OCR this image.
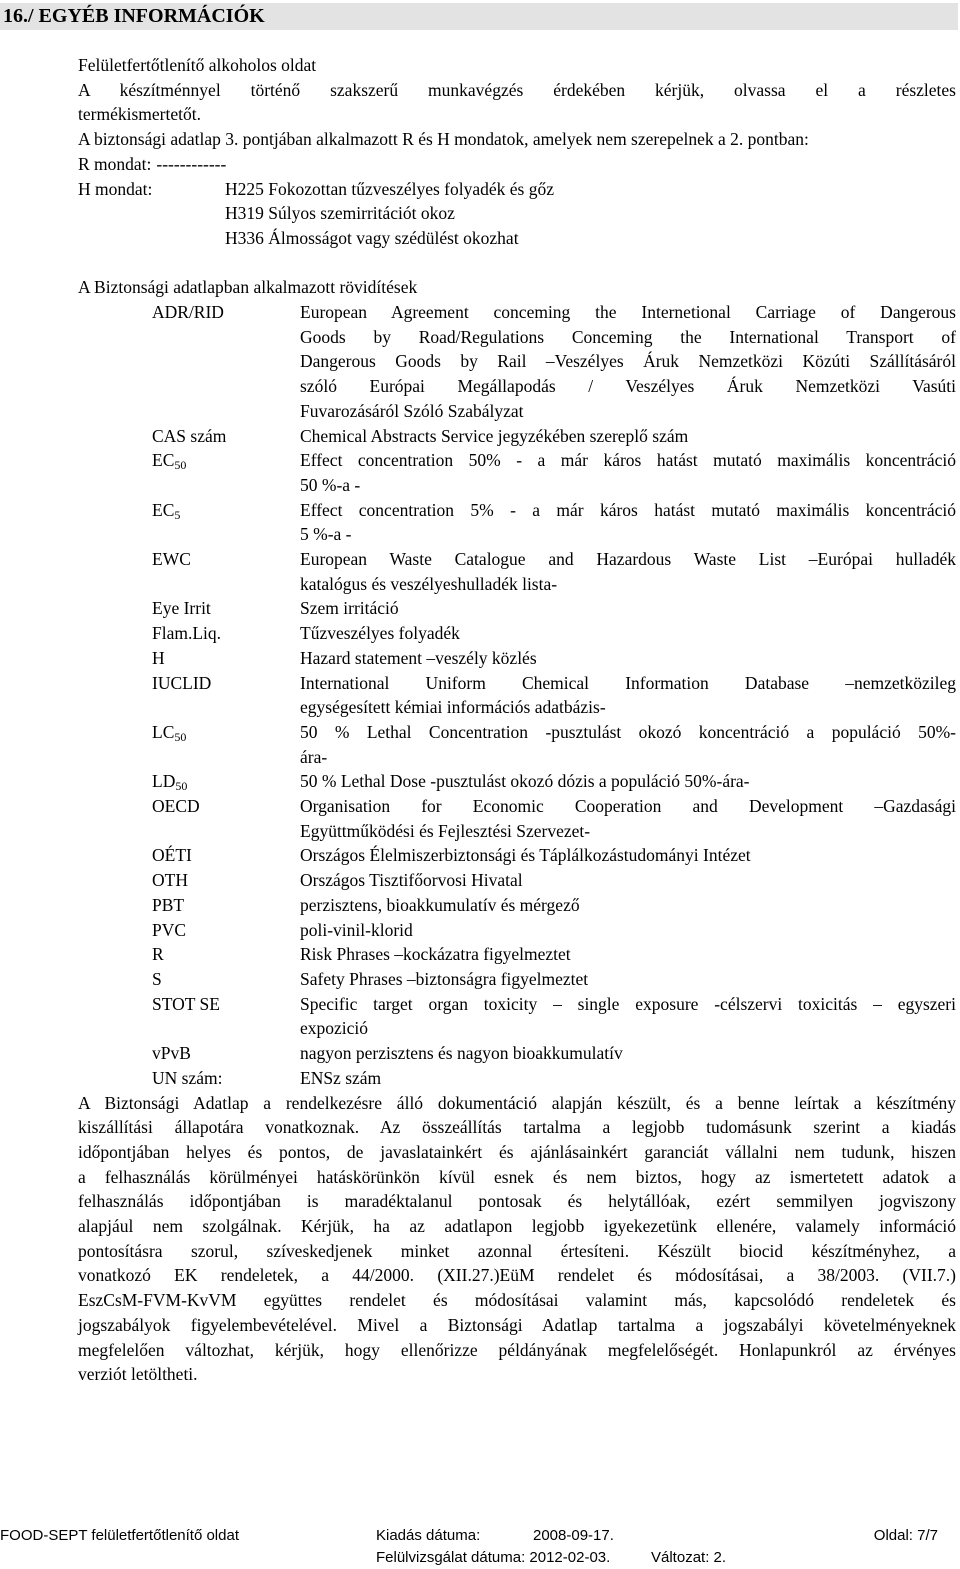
16./ EGYÉB INFORMÁCIÓK
Felületfertőtlenítő alkoholos oldat
A készítménnyel történő szakszerű munkavégzés érdekében kérjük, olvassa el a részletes
termékismertetőt.
A biztonsági adatlap 3. pontjában alkalmazott R és H mondatok, amelyek nem szerepelnek a 2. pontban:
R mondat: ------------
H mondat:	H225 Fokozottan tűzveszélyes folyadék és gőz
H319 Súlyos szemirritációt okoz
H336 Álmosságot vagy szédülést okozhat
A Biztonsági adatlapban alkalmazott rövidítések
ADR/RID	European Agreement conceming the Internetional Carriage of Dangerous
Goods by Road/Regulations Conceming the International Transport of
Dangerous Goods by Rail –Veszélyes Áruk Nemzetközi Közúti Szállításáról
szóló Európai Megállapodás / Veszélyes Áruk Nemzetközi Vasúti
Fuvarozásáról Szóló Szabályzat
CAS szám	Chemical Abstracts Service jegyzékében szereplő szám
$EC_{50}$	Effect concentration 50% - a már káros hatást mutató maximális koncentráció
50 %-a -
$EC_5$	Effect concentration 5% - a már káros hatást mutató maximális koncentráció
5 %-a -
EWC	European Waste Catalogue and Hazardous Waste List –Európai hulladék
katalógus és veszélyeshulladék lista-
Eye Irrit	Szem irritáció
Flam.Liq.	Tűzveszélyes folyadék
H	Hazard statement –veszély közlés
IUCLID	International Uniform Chemical Information Database –nemzetközileg
egységesített kémiai információs adatbázis-
$LC_{50}$	50 % Lethal Concentration -pusztulást okozó koncentráció a populáció 50%-
ára-
$LD_{50}$	50 % Lethal Dose -pusztulást okozó dózis a populáció 50%-ára-
OECD	Organisation for Economic Cooperation and Development –Gazdasági
Együttműködési és Fejlesztési Szervezet-
OÉTI	Országos Élelmiszerbiztonsági és Táplálkozástudományi Intézet
OTH	Országos Tisztifőorvosi Hivatal
PBT	perzisztens, bioakkumulatív és mérgező
PVC	poli-vinil-klorid
R	Risk Phrases –kockázatra figyelmeztet
S	Safety Phrases –biztonságra figyelmeztet
STOT SE	Specific target organ toxicity – single exposure -célszervi toxicitás – egyszeri
expozició
vPvB	nagyon perzisztens és nagyon bioakkumulatív
UN szám:	ENSz szám
A Biztonsági Adatlap a rendelkezésre álló dokumentáció alapján készült, és a benne leírtak a készítmény
kiszállítási állapotára vonatkoznak. Az összeállítás tartalma a legjobb tudomásunk szerint a kiadás
időpontjában helyes és pontos, de javaslatainkért és ajánlásainkért garanciát vállalni nem tudunk, hiszen
a felhasználás körülményei hatáskörünkön kívül esnek és nem biztos, hogy az ismertetett adatok a
felhasználás időpontjában is maradéktalanul pontosak és helytállóak, ezért semmilyen jogviszony
alapjául nem szolgálnak. Kérjük, ha az adatlapon legjobb igyekezetünk ellenére, valamely információ
pontosításra szorul, szíveskedjenek minket azonnal értesíteni. Készült biocid készítményhez, a
vonatkozó EK rendeletek, a 44/2000. (XII.27.)EüM rendelet és módosításai, a 38/2003. (VII.7.)
EszCsM-FVM-KvVM együttes rendelet és módosításai valamint más, kapcsolódó rendeletek és
jogszabályok figyelembevételével. Mivel a Biztonsági Adatlap tartalma a jogszabályi követelményeknek
megfelelően változhat, kérjük, hogy ellenőrizze példányának megfelelőségét. Honlapunkról az érvényes
verziót letöltheti.
FOOD-SEPT felületfertőtlenítő oldat	Kiadás dátuma:	2008-09-17.	Oldal: 7/7
Felülvizsgálat dátuma: 2012-02-03.	Változat: 2.
